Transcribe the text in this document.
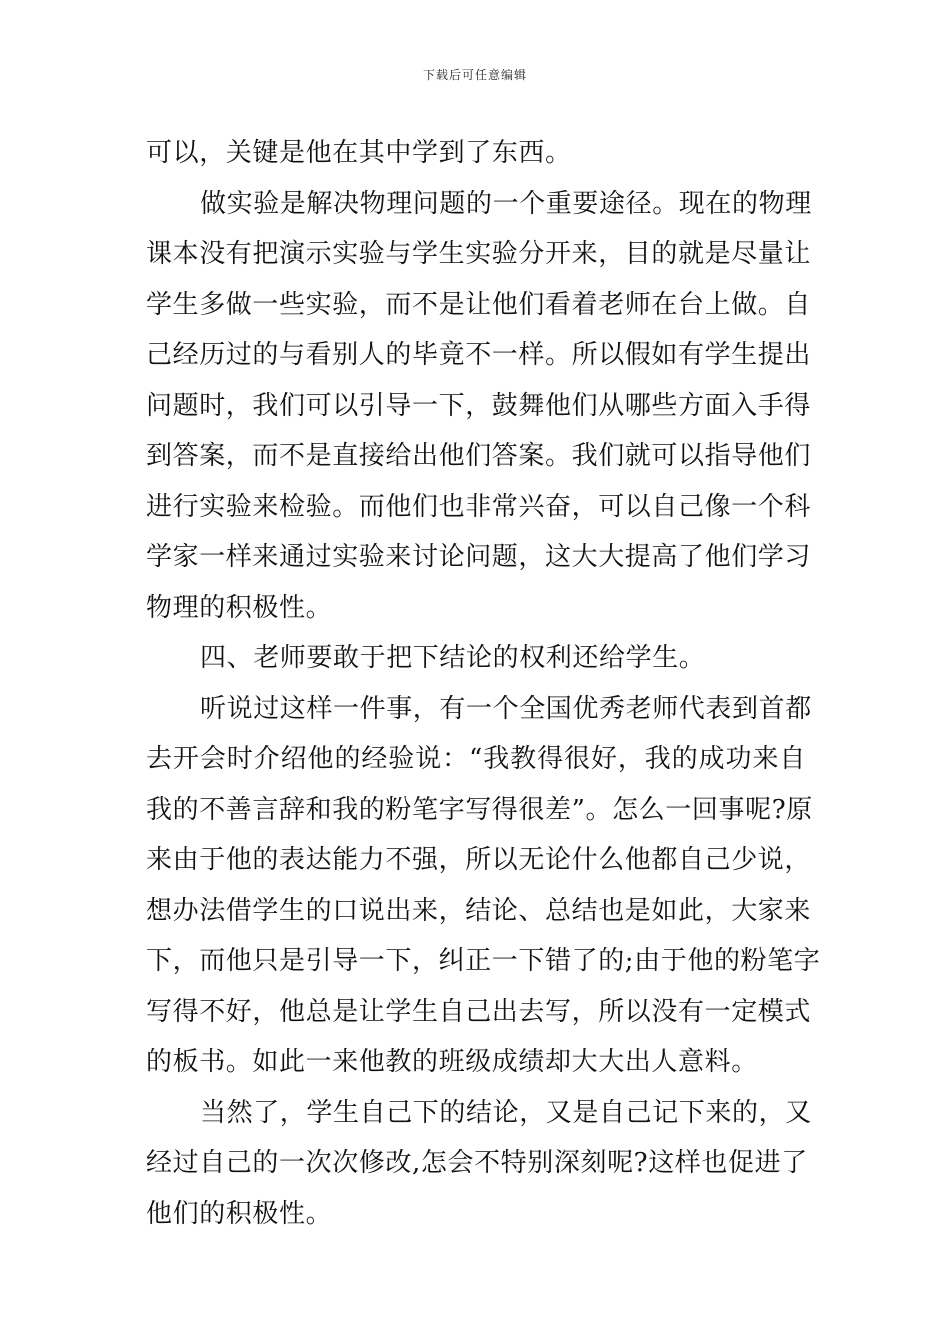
下载后可任意编辑
可以，关键是他在其中学到了东西。
做实验是解决物理问题的一个重要途径。现在的物理
课本没有把演示实验与学生实验分开来，目的就是尽量让
学生多做一些实验，而不是让他们看着老师在台上做。自
己经历过的与看别人的毕竟不一样。所以假如有学生提出
问题时，我们可以引导一下，鼓舞他们从哪些方面入手得
到答案，而不是直接给出他们答案。我们就可以指导他们
进行实验来检验。而他们也非常兴奋，可以自己像一个科
学家一样来通过实验来讨论问题，这大大提高了他们学习
物理的积极性。
四、老师要敢于把下结论的权利还给学生。
听说过这样一件事，有一个全国优秀老师代表到首都
去开会时介绍他的经验说：“我教得很好，我的成功来自
我的不善言辞和我的粉笔字写得很差”。怎么一回事呢?原
来由于他的表达能力不强，所以无论什么他都自己少说，
想办法借学生的口说出来，结论、总结也是如此，大家来
下，而他只是引导一下，纠正一下错了的;由于他的粉笔字
写得不好，他总是让学生自己出去写，所以没有一定模式
的板书。如此一来他教的班级成绩却大大出人意料。
当然了，学生自己下的结论，又是自己记下来的，又
经过自己的一次次修改,怎会不特别深刻呢?这样也促进了
他们的积极性。
